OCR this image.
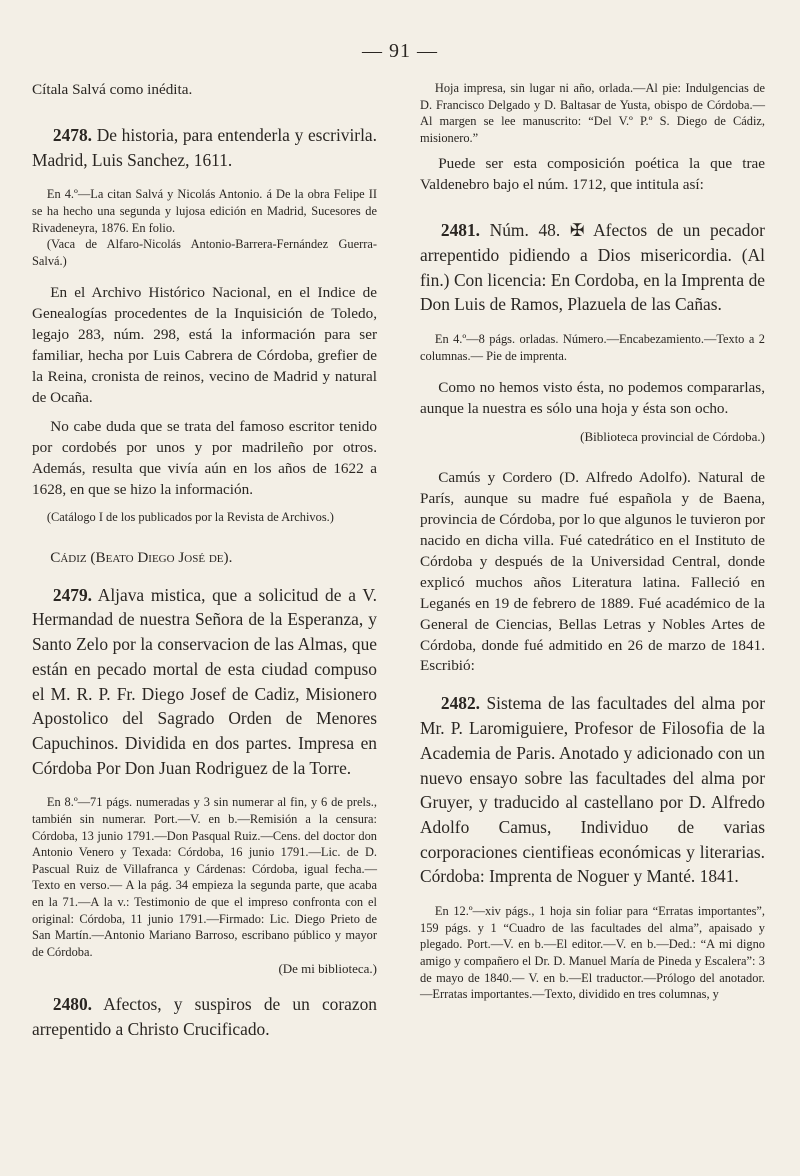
— 91 —

Cítala Salvá como inédita.

2478. De historia, para entenderla y escrivirla. Madrid, Luis Sanchez, 1611.

En 4.º—La citan Salvá y Nicolás Antonio. á De la obra Felipe II se ha hecho una segunda y lujosa edición en Madrid, Sucesores de Rivadeneyra, 1876. En folio.

(Vaca de Alfaro-Nicolás Antonio-Barrera-Fernández Guerra-Salvá.)

En el Archivo Histórico Nacional, en el Indice de Genealogías procedentes de la Inquisición de Toledo, legajo 283, núm. 298, está la información para ser familiar, hecha por Luis Cabrera de Córdoba, grefier de la Reina, cronista de reinos, vecino de Madrid y natural de Ocaña.

No cabe duda que se trata del famoso escritor tenido por cordobés por unos y por madrileño por otros. Además, resulta que vivía aún en los años de 1622 a 1628, en que se hizo la información.

(Catálogo I de los publicados por la Revista de Archivos.)

Cádiz (Beato Diego José de).

2479. Aljava mistica, que a solicitud de a V. Hermandad de nuestra Señora de la Esperanza, y Santo Zelo por la conservacion de las Almas, que están en pecado mortal de esta ciudad compuso el M. R. P. Fr. Diego Josef de Cadiz, Misionero Apostolico del Sagrado Orden de Menores Capuchinos. Dividida en dos partes. Impresa en Córdoba Por Don Juan Rodriguez de la Torre.

En 8.º—71 págs. numeradas y 3 sin numerar al fin, y 6 de prels., también sin numerar. Port.—V. en b.—Remisión a la censura: Córdoba, 13 junio 1791.—Don Pasqual Ruiz.—Cens. del doctor don Antonio Venero y Texada: Córdoba, 16 junio 1791.—Lic. de D. Pascual Ruiz de Villafranca y Cárdenas: Córdoba, igual fecha.—Texto en verso.— A la pág. 34 empieza la segunda parte, que acaba en la 71.—A la v.: Testimonio de que el impreso confronta con el original: Córdoba, 11 junio 1791.—Firmado: Lic. Diego Prieto de San Martín.—Antonio Mariano Barroso, escribano público y mayor de Córdoba.

(De mi biblioteca.)

2480. Afectos, y suspiros de un corazon arrepentido a Christo Crucificado.

Hoja impresa, sin lugar ni año, orlada.—Al pie: Indulgencias de D. Francisco Delgado y D. Baltasar de Yusta, obispo de Córdoba.—Al margen se lee manuscrito: “Del V.º P.º S. Diego de Cádiz, misionero.”

Puede ser esta composición poética la que trae Valdenebro bajo el núm. 1712, que intitula así:

2481. Núm. 48. ✠ Afectos de un pecador arrepentido pidiendo a Dios misericordia. (Al fin.) Con licencia: En Cordoba, en la Imprenta de Don Luis de Ramos, Plazuela de las Cañas.

En 4.º—8 págs. orladas. Número.—Encabezamiento.—Texto a 2 columnas.— Pie de imprenta.

Como no hemos visto ésta, no podemos compararlas, aunque la nuestra es sólo una hoja y ésta son ocho.

(Biblioteca provincial de Córdoba.)

Camús y Cordero (D. Alfredo Adolfo). Natural de París, aunque su madre fué española y de Baena, provincia de Córdoba, por lo que algunos le tuvieron por nacido en dicha villa. Fué catedrático en el Instituto de Córdoba y después de la Universidad Central, donde explicó muchos años Literatura latina. Falleció en Leganés en 19 de febrero de 1889. Fué académico de la General de Ciencias, Bellas Letras y Nobles Artes de Córdoba, donde fué admitido en 26 de marzo de 1841. Escribió:

2482. Sistema de las facultades del alma por Mr. P. Laromiguiere, Profesor de Filosofia de la Academia de Paris. Anotado y adicionado con un nuevo ensayo sobre las facultades del alma por Gruyer, y traducido al castellano por D. Alfredo Adolfo Camus, Individuo de varias corporaciones cientifieas económicas y literarias. Córdoba: Imprenta de Noguer y Manté. 1841.

En 12.º—xiv págs., 1 hoja sin foliar para “Erratas importantes”, 159 págs. y 1 “Cuadro de las facultades del alma”, apaisado y plegado. Port.—V. en b.—El editor.—V. en b.—Ded.: “A mi digno amigo y compañero el Dr. D. Manuel María de Pineda y Escalera”: 3 de mayo de 1840.— V. en b.—El traductor.—Prólogo del anotador.—Erratas importantes.—Texto, dividido en tres columnas, y
